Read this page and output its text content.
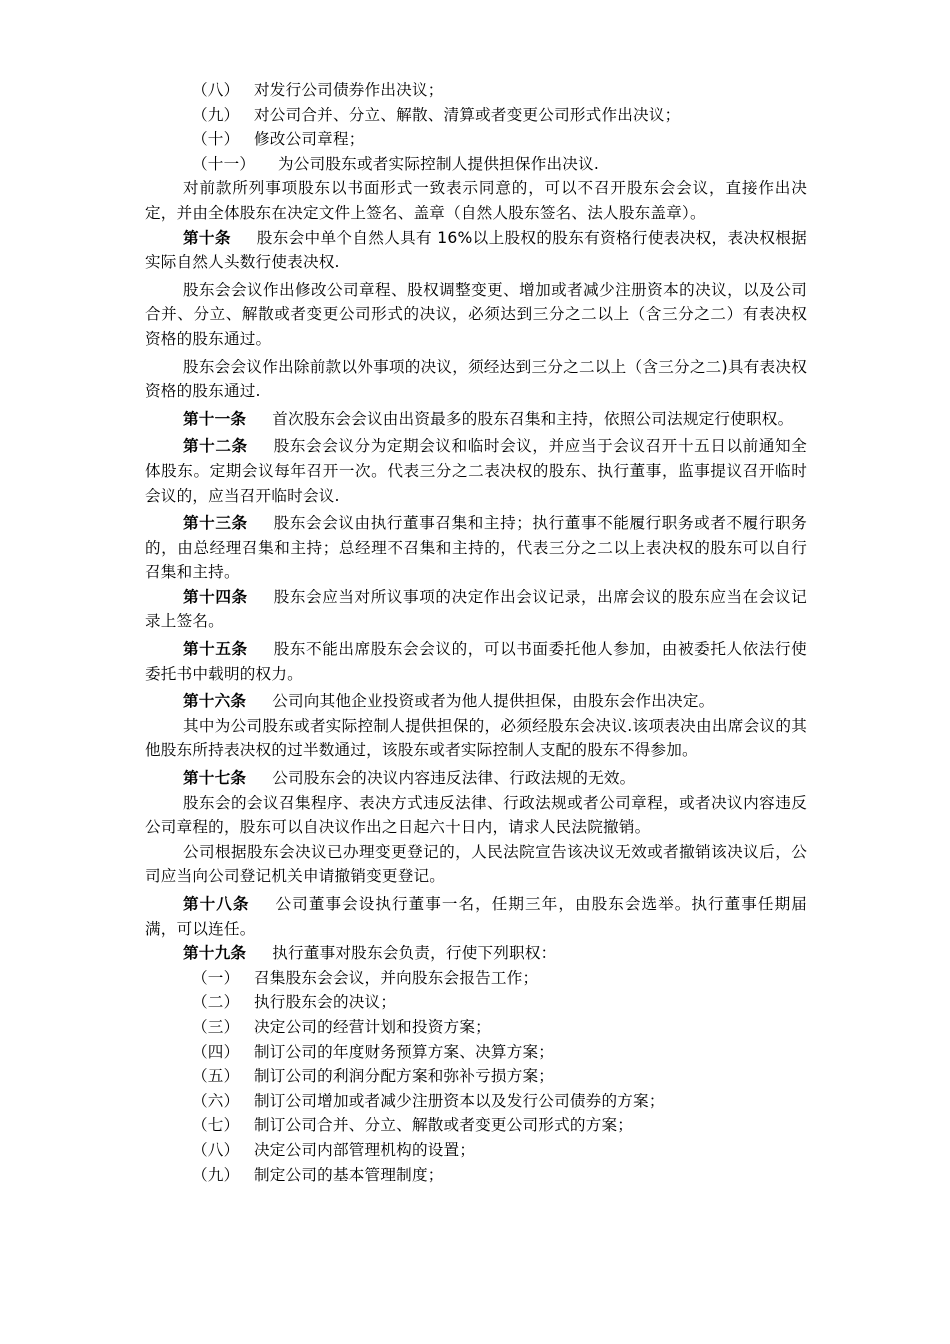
（八） 对发行公司债券作出决议；

（九） 对公司合并、分立、解散、清算或者变更公司形式作出决议；

（十） 修改公司章程；

（十一） 为公司股东或者实际控制人提供担保作出决议.

对前款所列事项股东以书面形式一致表示同意的，可以不召开股东会会议，直接作出决定，并由全体股东在决定文件上签名、盖章（自然人股东签名、法人股东盖章）。

第十条 股东会中单个自然人具有 16%以上股权的股东有资格行使表决权，表决权根据实际自然人头数行使表决权.

股东会会议作出修改公司章程、股权调整变更、增加或者减少注册资本的决议，以及公司合并、分立、解散或者变更公司形式的决议，必须达到三分之二以上（含三分之二）有表决权资格的股东通过。

股东会会议作出除前款以外事项的决议，须经达到三分之二以上（含三分之二)具有表决权资格的股东通过.

第十一条 首次股东会会议由出资最多的股东召集和主持，依照公司法规定行使职权。

第十二条 股东会会议分为定期会议和临时会议，并应当于会议召开十五日以前通知全体股东。定期会议每年召开一次。代表三分之二表决权的股东、执行董事，监事提议召开临时会议的，应当召开临时会议.

第十三条 股东会会议由执行董事召集和主持；执行董事不能履行职务或者不履行职务的，由总经理召集和主持；总经理不召集和主持的，代表三分之二以上表决权的股东可以自行召集和主持。

第十四条 股东会应当对所议事项的决定作出会议记录，出席会议的股东应当在会议记录上签名。

第十五条 股东不能出席股东会会议的，可以书面委托他人参加，由被委托人依法行使委托书中载明的权力。

第十六条 公司向其他企业投资或者为他人提供担保，由股东会作出决定。

其中为公司股东或者实际控制人提供担保的，必须经股东会决议.该项表决由出席会议的其他股东所持表决权的过半数通过，该股东或者实际控制人支配的股东不得参加。

第十七条 公司股东会的决议内容违反法律、行政法规的无效。

股东会的会议召集程序、表决方式违反法律、行政法规或者公司章程，或者决议内容违反公司章程的，股东可以自决议作出之日起六十日内，请求人民法院撤销。

公司根据股东会决议已办理变更登记的，人民法院宣告该决议无效或者撤销该决议后，公司应当向公司登记机关申请撤销变更登记。

第十八条 公司董事会设执行董事一名，任期三年，由股东会选举。执行董事任期届满，可以连任。

第十九条 执行董事对股东会负责，行使下列职权：

（一） 召集股东会会议，并向股东会报告工作；

（二） 执行股东会的决议；

（三） 决定公司的经营计划和投资方案；

（四） 制订公司的年度财务预算方案、决算方案；

（五） 制订公司的利润分配方案和弥补亏损方案；

（六） 制订公司增加或者减少注册资本以及发行公司债券的方案；

（七） 制订公司合并、分立、解散或者变更公司形式的方案；

（八） 决定公司内部管理机构的设置；

（九） 制定公司的基本管理制度；
